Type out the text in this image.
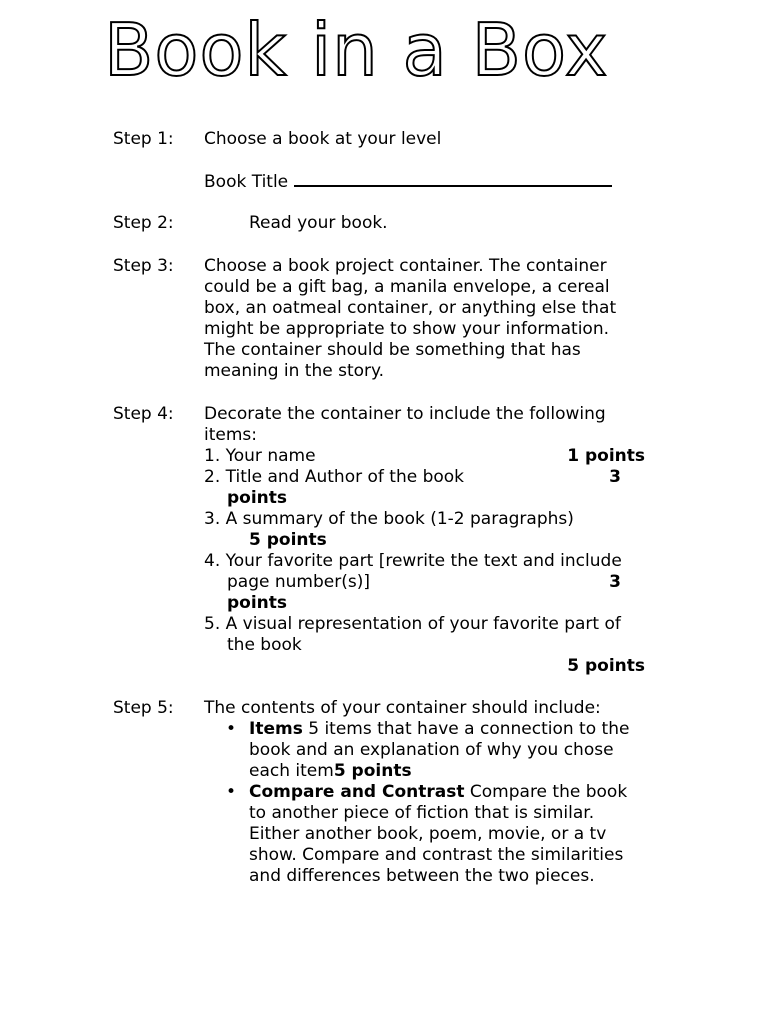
Book in a Box
Step 1: Choose a book at your level
Book Title
Step 2:	Read your book.
Step 3: Choose a book project container. The container
could be a gift bag, a manila envelope, a cereal
box, an oatmeal container, or anything else that
might be appropriate to show your information.
The container should be something that has
meaning in the story.
Step 4: Decorate the container to include the following
items:
1. Your name	1 points
2. Title and Author of the book	3
points
3. A summary of the book (1-2 paragraphs)
5 points
4. Your favorite part [rewrite the text and include
page number(s)]	3
points
5. A visual representation of your favorite part of
the book
5 points
Step 5: The contents of your container should include:
• Items 5 items that have a connection to the
book and an explanation of why you chose
each item5 points
• Compare and Contrast Compare the book
to another piece of fiction that is similar.
Either another book, poem, movie, or a tv
show. Compare and contrast the similarities
and differences between the two pieces.
